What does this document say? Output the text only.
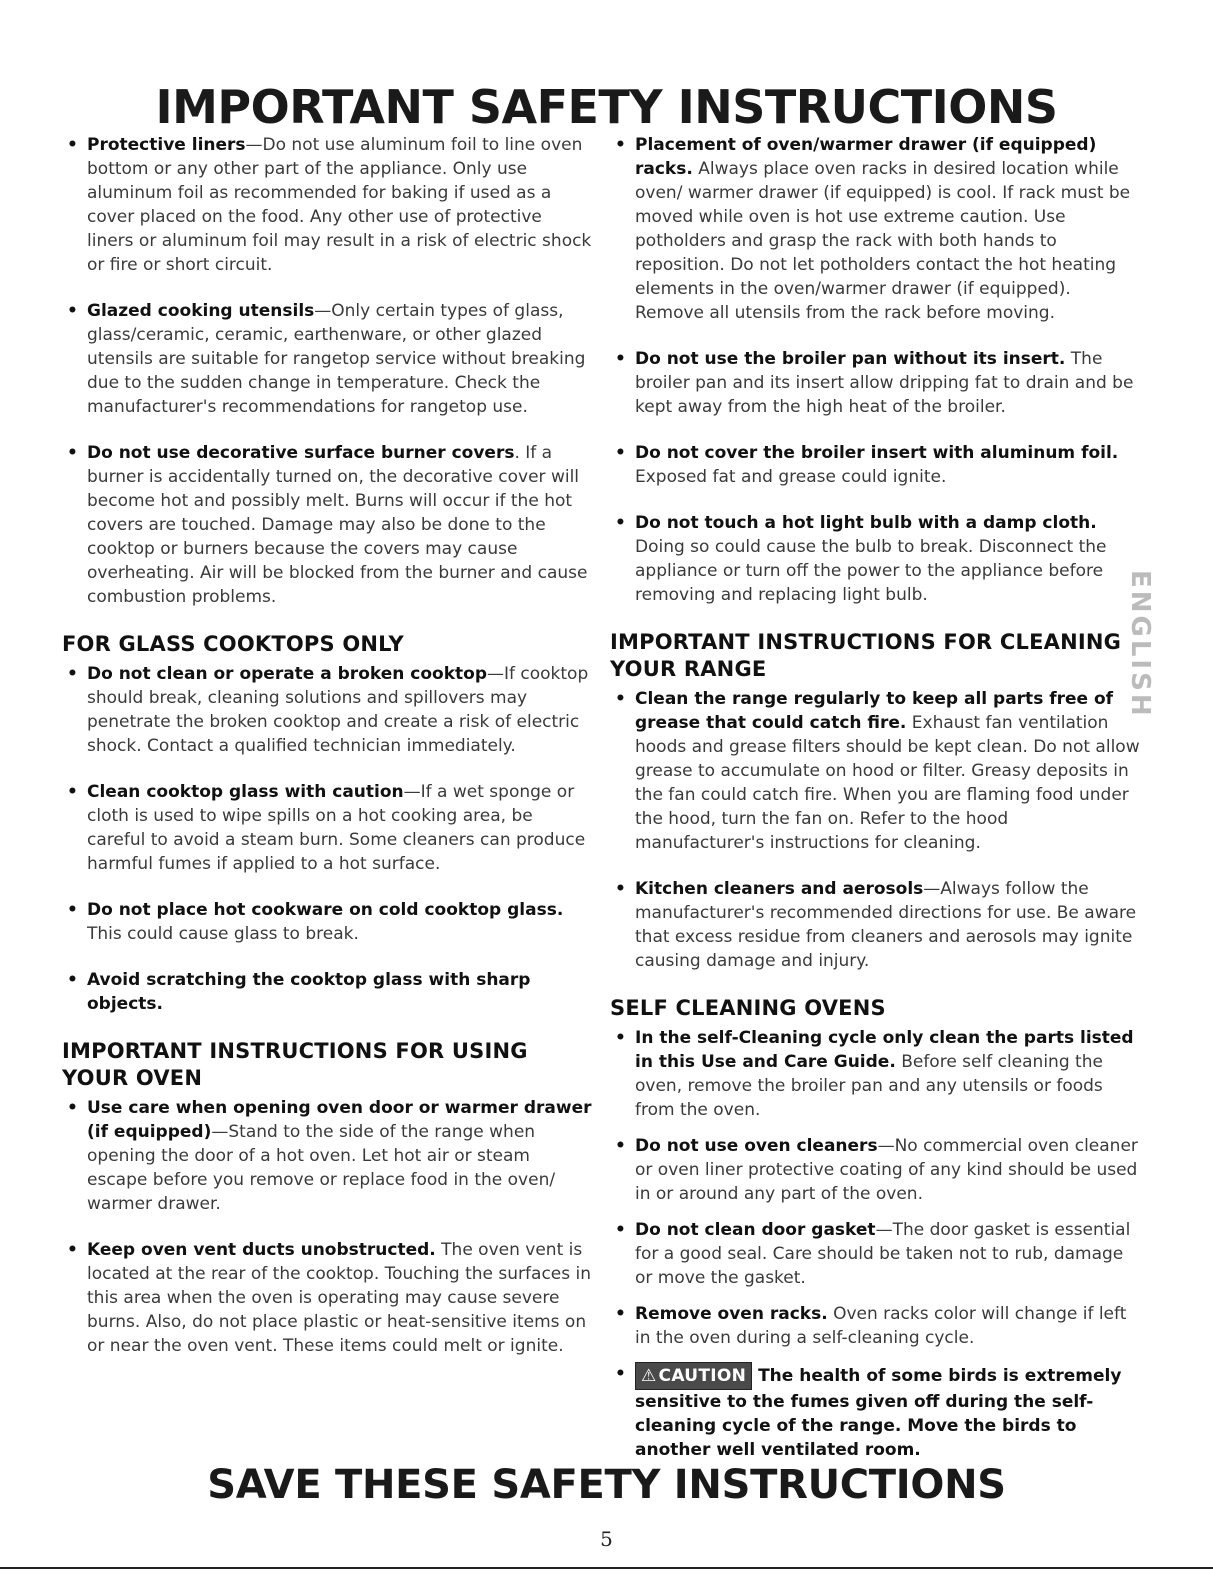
IMPORTANT SAFETY INSTRUCTIONS

• Protective liners—Do not use aluminum foil to line oven bottom or any other part of the appliance. Only use aluminum foil as recommended for baking if used as a cover placed on the food. Any other use of protective liners or aluminum foil may result in a risk of electric shock or fire or short circuit.

• Glazed cooking utensils—Only certain types of glass, glass/ceramic, ceramic, earthenware, or other glazed utensils are suitable for rangetop service without breaking due to the sudden change in temperature. Check the manufacturer's recommendations for rangetop use.

• Do not use decorative surface burner covers. If a burner is accidentally turned on, the decorative cover will become hot and possibly melt. Burns will occur if the hot covers are touched. Damage may also be done to the cooktop or burners because the covers may cause overheating. Air will be blocked from the burner and cause combustion problems.

FOR GLASS COOKTOPS ONLY

• Do not clean or operate a broken cooktop—If cooktop should break, cleaning solutions and spillovers may penetrate the broken cooktop and create a risk of electric shock. Contact a qualified technician immediately.

• Clean cooktop glass with caution—If a wet sponge or cloth is used to wipe spills on a hot cooking area, be careful to avoid a steam burn. Some cleaners can produce harmful fumes if applied to a hot surface.

• Do not place hot cookware on cold cooktop glass. This could cause glass to break.

• Avoid scratching the cooktop glass with sharp objects.

IMPORTANT INSTRUCTIONS FOR USING YOUR OVEN

• Use care when opening oven door or warmer drawer (if equipped)—Stand to the side of the range when opening the door of a hot oven. Let hot air or steam escape before you remove or replace food in the oven/ warmer drawer.

• Keep oven vent ducts unobstructed. The oven vent is located at the rear of the cooktop. Touching the surfaces in this area when the oven is operating may cause severe burns. Also, do not place plastic or heat-sensitive items on or near the oven vent. These items could melt or ignite.

• Placement of oven/warmer drawer (if equipped) racks. Always place oven racks in desired location while oven/ warmer drawer (if equipped) is cool. If rack must be moved while oven is hot use extreme caution. Use potholders and grasp the rack with both hands to reposition. Do not let potholders contact the hot heating elements in the oven/warmer drawer (if equipped). Remove all utensils from the rack before moving.

• Do not use the broiler pan without its insert. The broiler pan and its insert allow dripping fat to drain and be kept away from the high heat of the broiler.

• Do not cover the broiler insert with aluminum foil. Exposed fat and grease could ignite.

• Do not touch a hot light bulb with a damp cloth. Doing so could cause the bulb to break. Disconnect the appliance or turn off the power to the appliance before removing and replacing light bulb.

IMPORTANT INSTRUCTIONS FOR CLEANING YOUR RANGE

• Clean the range regularly to keep all parts free of grease that could catch fire. Exhaust fan ventilation hoods and grease filters should be kept clean. Do not allow grease to accumulate on hood or filter. Greasy deposits in the fan could catch fire. When you are flaming food under the hood, turn the fan on. Refer to the hood manufacturer's instructions for cleaning.

• Kitchen cleaners and aerosols—Always follow the manufacturer's recommended directions for use. Be aware that excess residue from cleaners and aerosols may ignite causing damage and injury.

SELF CLEANING OVENS

• In the self-Cleaning cycle only clean the parts listed in this Use and Care Guide. Before self cleaning the oven, remove the broiler pan and any utensils or foods from the oven.

• Do not use oven cleaners—No commercial oven cleaner or oven liner protective coating of any kind should be used in or around any part of the oven.

• Do not clean door gasket—The door gasket is essential for a good seal. Care should be taken not to rub, damage or move the gasket.

• Remove oven racks. Oven racks color will change if left in the oven during a self-cleaning cycle.

• ⚠ CAUTION The health of some birds is extremely sensitive to the fumes given off during the self-cleaning cycle of the range. Move the birds to another well ventilated room.

ENGLISH
SAVE THESE SAFETY INSTRUCTIONS
5
